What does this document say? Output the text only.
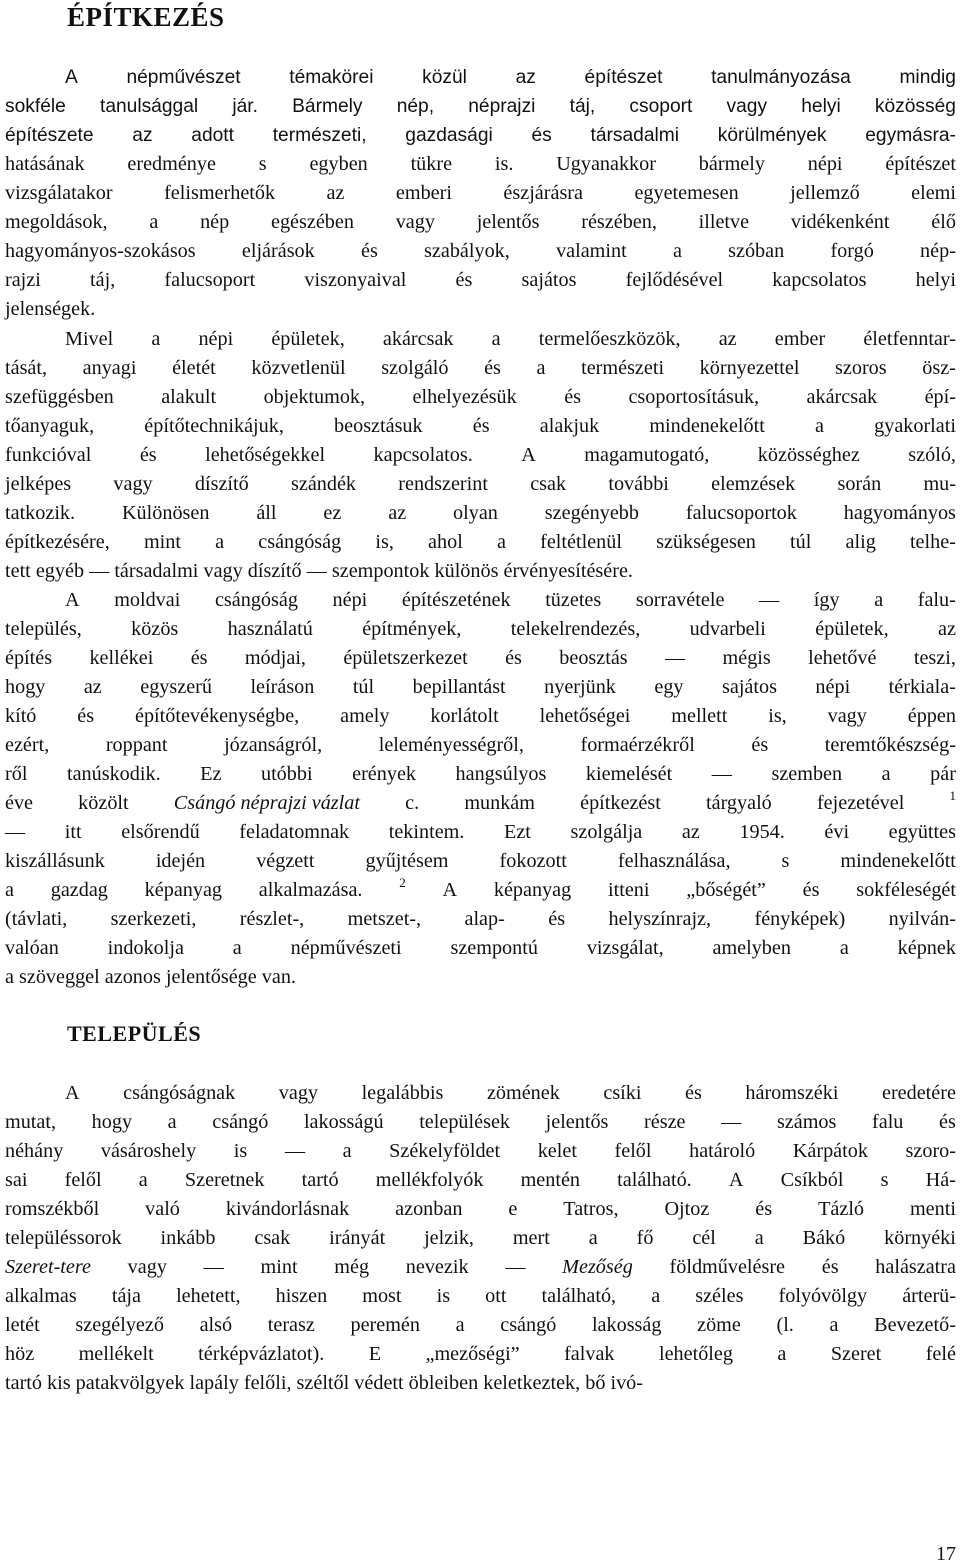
ÉPÍTKEZÉS
A	népművészet	témakörei	közül	az	építészet	tanulmányozása	mindig
sokféle tanulsággal jár. Bármely nép, néprajzi táj, csoport vagy helyi közösség
építészete az adott természeti, gazdasági és társadalmi körülmények egymásra-
hatásának eredménye s egyben tükre is. Ugyanakkor bármely népi építészet
vizsgálatakor	felismerhetők	az	emberi	észjárásra	egyetemesen	jellemző	elemi
megoldások, a nép egészében vagy jelentős részében, illetve vidékenként élő
hagyományos-szokásos eljárások és szabályok, valamint a szóban forgó nép-
rajzi táj, falucsoport viszonyaival és sajátos fejlődésével kapcsolatos helyi
jelenségek.
Mivel a népi épületek, akárcsak a termelőeszközök, az ember életfenntar-
tását, anyagi életét közvetlenül szolgáló és a természeti környezettel szoros ösz-
szefüggésben alakult objektumok, elhelyezésük és csoportosításuk, akárcsak épí-
tőanyaguk, építőtechnikájuk, beosztásuk és alakjuk mindenekelőtt a gyakorlati
funkcióval és lehetőségekkel kapcsolatos. A magamutogató, közösséghez szóló,
jelképes vagy díszítő szándék rendszerint csak további elemzések során mu-
tatkozik. Különösen áll ez az olyan szegényebb falucsoportok hagyományos
építkezésére, mint a csángóság is, ahol a feltétlenül szükségesen túl alig telhe-
tett egyéb — társadalmi vagy díszítő — szempontok különös érvényesítésére.
A moldvai csángóság népi építészetének tüzetes sorravétele — így a falu-
település, közös használatú építmények, telekelrendezés, udvarbeli épületek, az
építés kellékei és módjai, épületszerkezet és beosztás — mégis lehetővé teszi,
hogy az egyszerű leíráson túl bepillantást nyerjünk egy sajátos népi térkiala-
kító és építőtevékenységbe, amely korlátolt lehetőségei mellett is, vagy éppen
ezért,	roppant	józanságról,	leleményességről,	formaérzékről	és	teremtőkészség-
ről tanúskodik. Ez utóbbi erények hangsúlyos kiemelését — szemben a pár
éve közölt Csángó néprajzi vázlat c. munkám építkezést tárgyaló fejezetével	$^1$
— itt elsőrendű feladatomnak tekintem. Ezt szolgálja az 1954. évi együttes
kiszállásunk	idején	végzett	gyűjtésem	fokozott	felhasználása,	s	mindenekelőtt
a gazdag képanyag alkalmazása.	$^2$ A képanyag itteni „bőségét” és sokféleségét
(távlati, szerkezeti, részlet-, metszet-, alap- és helyszínrajz, fényképek) nyilván-
valóan indokolja a népművészeti szempontú vizsgálat, amelyben a képnek
a szöveggel azonos jelentősége van.
A csángóságnak vagy legalábbis zömének csíki és háromszéki eredetére
mutat, hogy a csángó lakosságú települések jelentős része — számos falu és
néhány vásároshely is — a Székelyföldet kelet felől határoló Kárpátok szoro-
sai felől a Szeretnek tartó mellékfolyók mentén található. A Csíkból s Há-
romszékből való kivándorlásnak azonban e Tatros, Ojtoz és Tázló menti
településsorok inkább csak irányát jelzik, mert a fő cél a Bákó környéki
Szeret-tere vagy — mint még nevezik — Mezőség földművelésre és halászatra
alkalmas tája lehetett, hiszen most is ott található, a széles folyóvölgy árterü-
letét szegélyező alsó terasz peremén a csángó lakosság zöme (l. a Bevezető-
höz mellékelt térképvázlatot). E „mezőségi” falvak lehetőleg a Szeret felé
tartó kis patakvölgyek lapály felőli, széltől védett öbleiben keletkeztek, bő ivó-
TELEPÜLÉS
17
